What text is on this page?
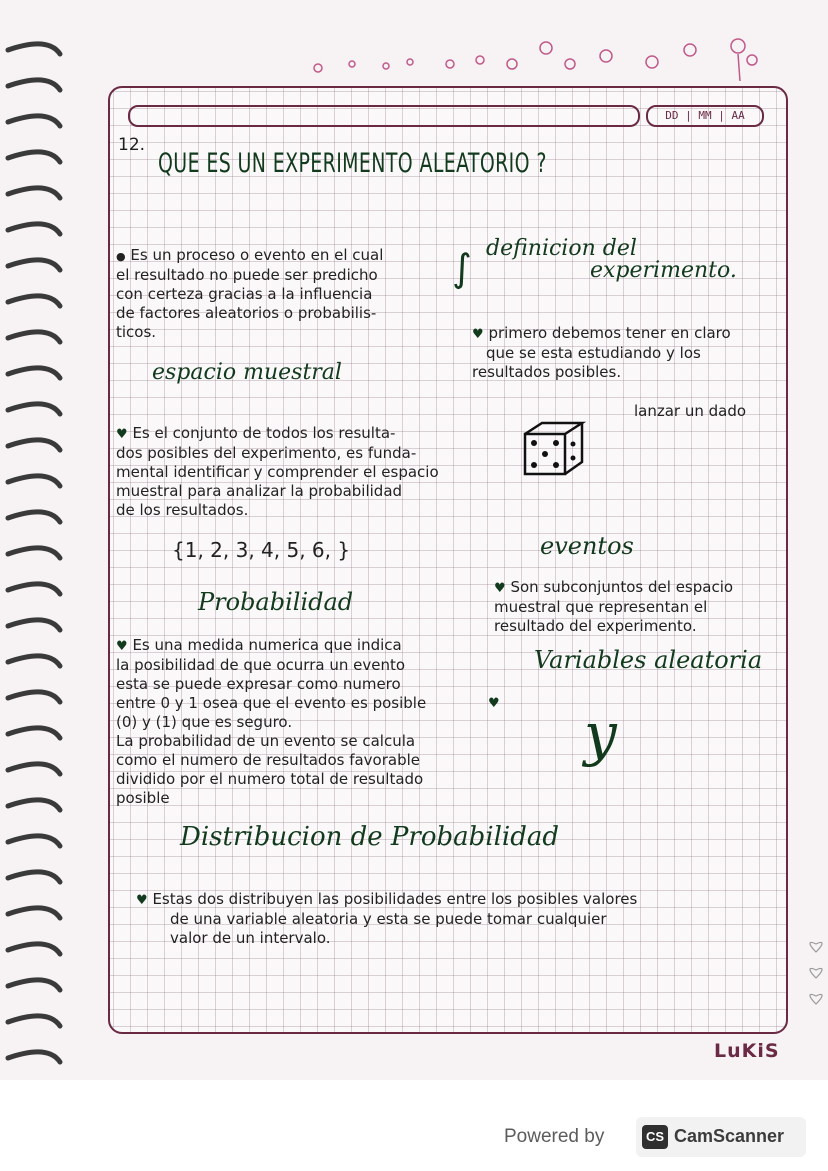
DD | MM | AA
12.
QUE ES UN EXPERIMENTO ALEATORIO ?
● Es un proceso o evento en el cual
el resultado no puede ser predicho
con certeza gracias a la influencia
de factores aleatorios o probabilis-
ticos.
∫ definicion del
experimento.
♥ primero debemos tener en claro
que se esta estudiando y los
resultados posibles.
espacio muestral
♥ Es el conjunto de todos los resulta-
dos posibles del experimento, es funda-
mental identificar y comprender el espacio
muestral para analizar la probabilidad
de los resultados.
{1, 2, 3, 4, 5, 6, }
lanzar un dado
eventos
♥ Son subconjuntos del espacio
muestral que representan el
resultado del experimento.
Probabilidad
♥ Es una medida numerica que indica
la posibilidad de que ocurra un evento
esta se puede expresar como numero
entre 0 y 1 osea que el evento es posible
(0) y (1) que es seguro.
La probabilidad de un evento se calcula
como el numero de resultados favorable
dividido por el numero total de resultado
posible
Variables aleatoria
♥ y
Distribucion de Probabilidad
♥ Estas dos distribuyen las posibilidades entre los posibles valores
de una variable aleatoria y esta se puede tomar cualquier
valor de un intervalo.
LuKiS
Powered by	CS CamScanner
